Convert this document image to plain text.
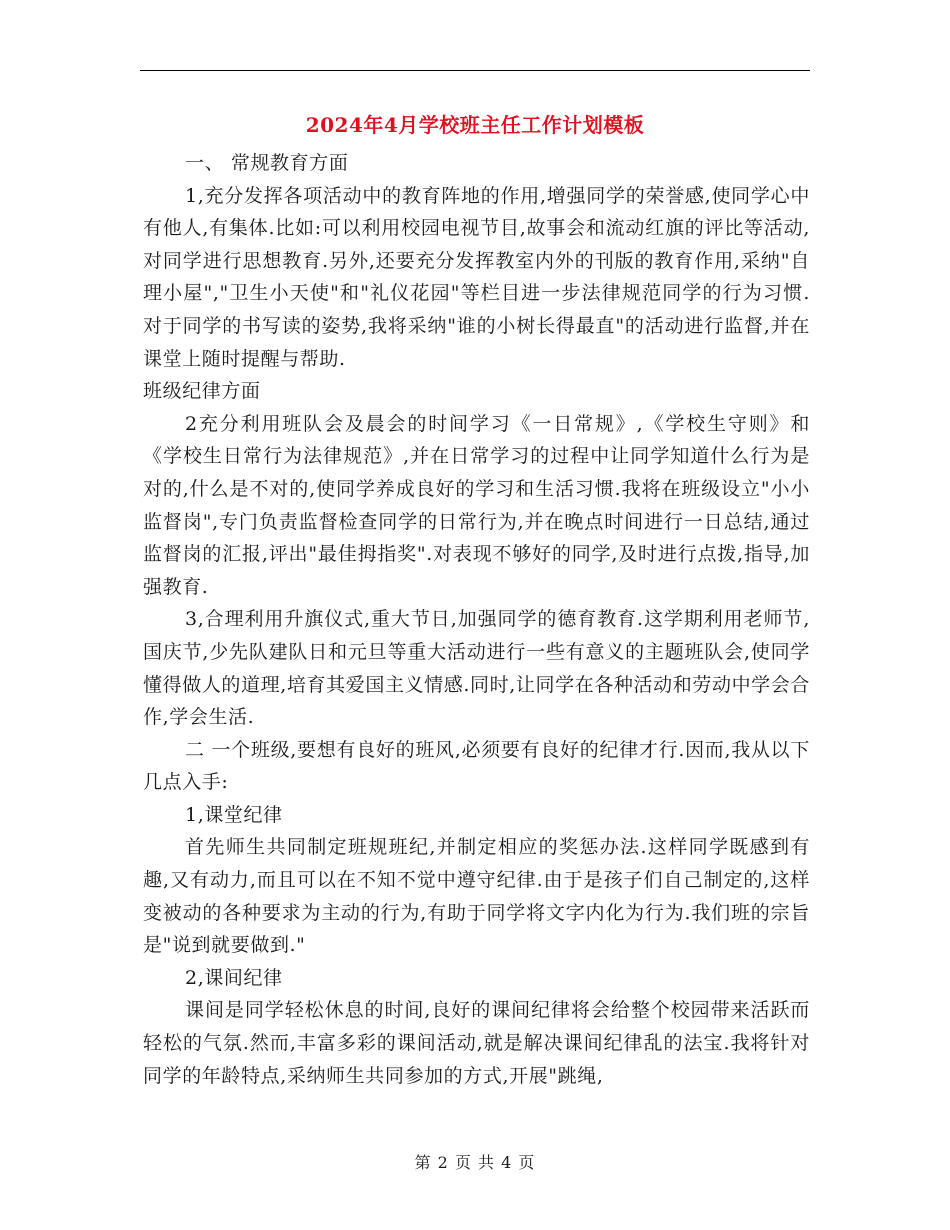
2024年4月学校班主任工作计划模板

一、 常规教育方面

1,充分发挥各项活动中的教育阵地的作用,增强同学的荣誉感,使同学心中有他人,有集体.比如:可以利用校园电视节目,故事会和流动红旗的评比等活动,对同学进行思想教育.另外,还要充分发挥教室内外的刊版的教育作用,采纳"自理小屋","卫生小天使"和"礼仪花园"等栏目进一步法律规范同学的行为习惯.对于同学的书写读的姿势,我将采纳"谁的小树长得最直"的活动进行监督,并在课堂上随时提醒与帮助.

班级纪律方面

2充分利用班队会及晨会的时间学习《一日常规》,《学校生守则》和《学校生日常行为法律规范》,并在日常学习的过程中让同学知道什么行为是对的,什么是不对的,使同学养成良好的学习和生活习惯.我将在班级设立"小小监督岗",专门负责监督检查同学的日常行为,并在晚点时间进行一日总结,通过监督岗的汇报,评出"最佳拇指奖".对表现不够好的同学,及时进行点拨,指导,加强教育.

3,合理利用升旗仪式,重大节日,加强同学的德育教育.这学期利用老师节,国庆节,少先队建队日和元旦等重大活动进行一些有意义的主题班队会,使同学懂得做人的道理,培育其爱国主义情感.同时,让同学在各种活动和劳动中学会合作,学会生活.

二 一个班级,要想有良好的班风,必须要有良好的纪律才行.因而,我从以下几点入手:

1,课堂纪律

首先师生共同制定班规班纪,并制定相应的奖惩办法.这样同学既感到有趣,又有动力,而且可以在不知不觉中遵守纪律.由于是孩子们自己制定的,这样变被动的各种要求为主动的行为,有助于同学将文字内化为行为.我们班的宗旨是"说到就要做到."

2,课间纪律

课间是同学轻松休息的时间,良好的课间纪律将会给整个校园带来活跃而轻松的气氛.然而,丰富多彩的课间活动,就是解决课间纪律乱的法宝.我将针对同学的年龄特点,采纳师生共同参加的方式,开展"跳绳,

第 2 页 共 4 页
